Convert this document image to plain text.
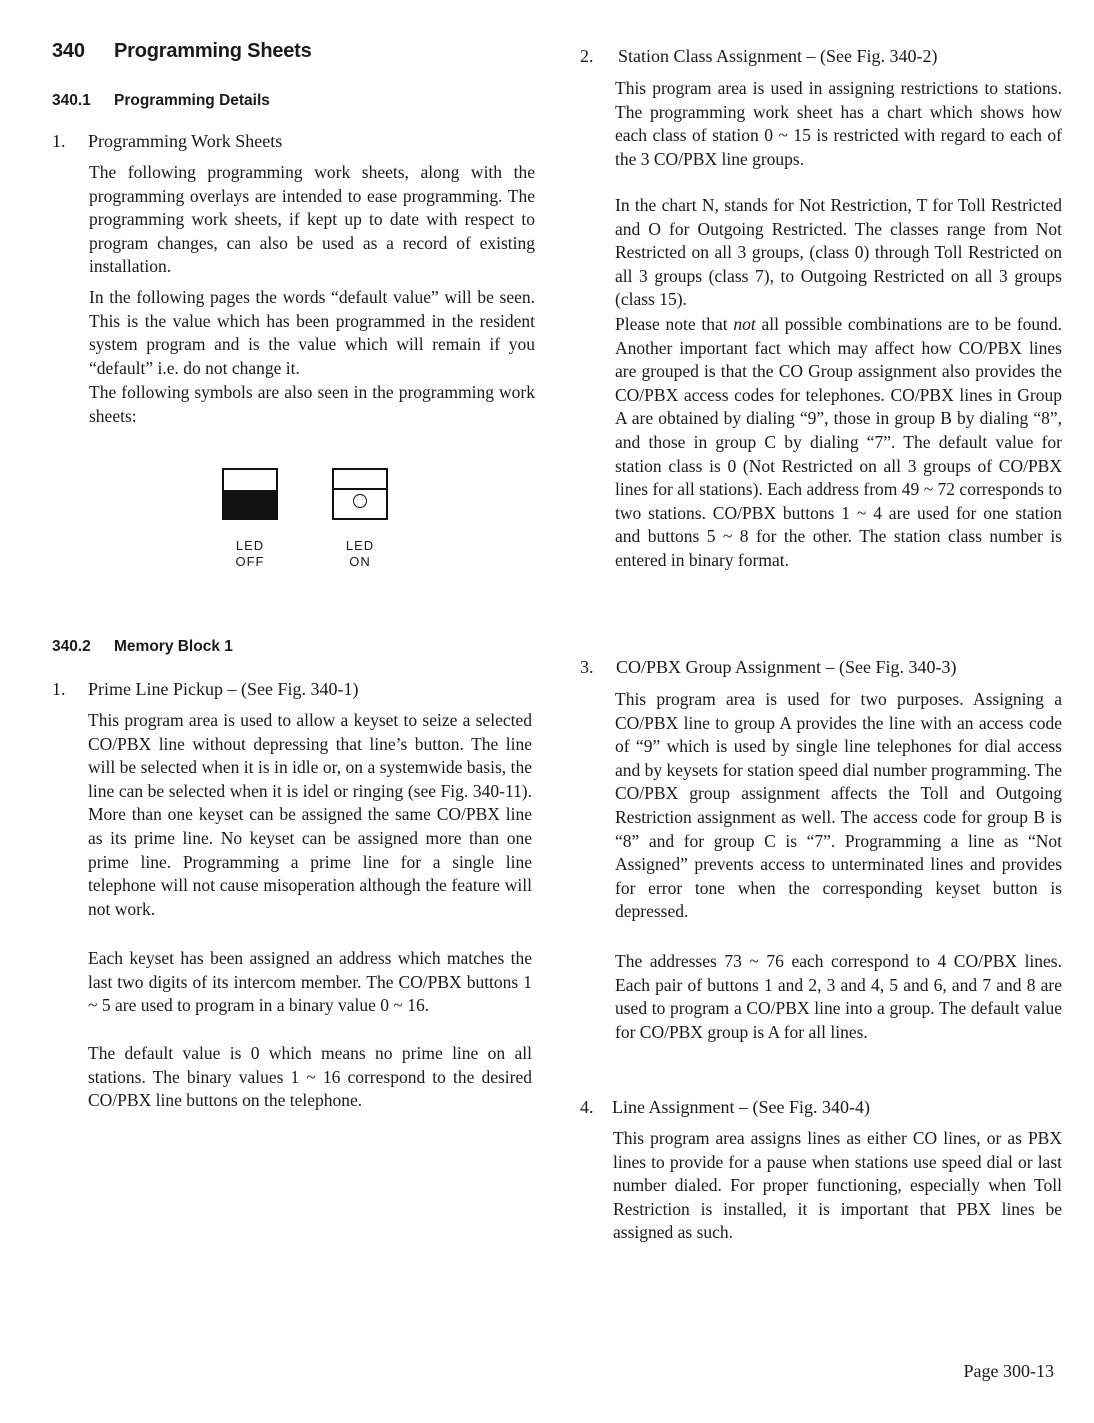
340 Programming Sheets
340.1 Programming Details
1. Programming Work Sheets

The following programming work sheets, along with the programming overlays are intended to ease programming. The programming work sheets, if kept up to date with respect to program changes, can also be used as a record of existing installation.

In the following pages the words “default value” will be seen. This is the value which has been programmed in the resident system program and is the value which will remain if you “default” i.e. do not change it.

The following symbols are also seen in the programming work sheets:

LED
OFF
LED
ON
340.2 Memory Block 1
1. Prime Line Pickup – (See Fig. 340-1)

This program area is used to allow a keyset to seize a selected CO/PBX line without depressing that line’s button. The line will be selected when it is in idle or, on a systemwide basis, the line can be selected when it is idel or ringing (see Fig. 340-11). More than one keyset can be assigned the same CO/PBX line as its prime line. No keyset can be assigned more than one prime line. Programming a prime line for a single line telephone will not cause misoperation although the feature will not work.

Each keyset has been assigned an address which matches the last two digits of its intercom member. The CO/PBX buttons 1 ~ 5 are used to program in a binary value 0 ~ 16.

The default value is 0 which means no prime line on all stations. The binary values 1 ~ 16 correspond to the desired CO/PBX line buttons on the telephone.

2. Station Class Assignment – (See Fig. 340-2)

This program area is used in assigning restrictions to stations. The programming work sheet has a chart which shows how each class of station 0 ~ 15 is restricted with regard to each of the 3 CO/PBX line groups.

In the chart N, stands for Not Restriction, T for Toll Restricted and O for Outgoing Restricted. The classes range from Not Restricted on all 3 groups, (class 0) through Toll Restricted on all 3 groups (class 7), to Outgoing Restricted on all 3 groups (class 15).

Please note that not all possible combinations are to be found. Another important fact which may affect how CO/PBX lines are grouped is that the CO Group assignment also provides the CO/PBX access codes for telephones. CO/PBX lines in Group A are obtained by dialing “9”, those in group B by dialing “8”, and those in group C by dialing “7”. The default value for station class is 0 (Not Restricted on all 3 groups of CO/PBX lines for all stations). Each address from 49 ~ 72 corresponds to two stations. CO/PBX buttons 1 ~ 4 are used for one station and buttons 5 ~ 8 for the other. The station class number is entered in binary format.

3. CO/PBX Group Assignment – (See Fig. 340-3)

This program area is used for two purposes. Assigning a CO/PBX line to group A provides the line with an access code of “9” which is used by single line telephones for dial access and by keysets for station speed dial number programming. The CO/PBX group assignment affects the Toll and Outgoing Restriction assignment as well. The access code for group B is “8” and for group C is “7”. Programming a line as “Not Assigned” prevents access to unterminated lines and provides for error tone when the corresponding keyset button is depressed.

The addresses 73 ~ 76 each correspond to 4 CO/PBX lines. Each pair of buttons 1 and 2, 3 and 4, 5 and 6, and 7 and 8 are used to program a CO/PBX line into a group. The default value for CO/PBX group is A for all lines.

4. Line Assignment – (See Fig. 340-4)

This program area assigns lines as either CO lines, or as PBX lines to provide for a pause when stations use speed dial or last number dialed. For proper functioning, especially when Toll Restriction is installed, it is important that PBX lines be assigned as such.

Page 300-13
